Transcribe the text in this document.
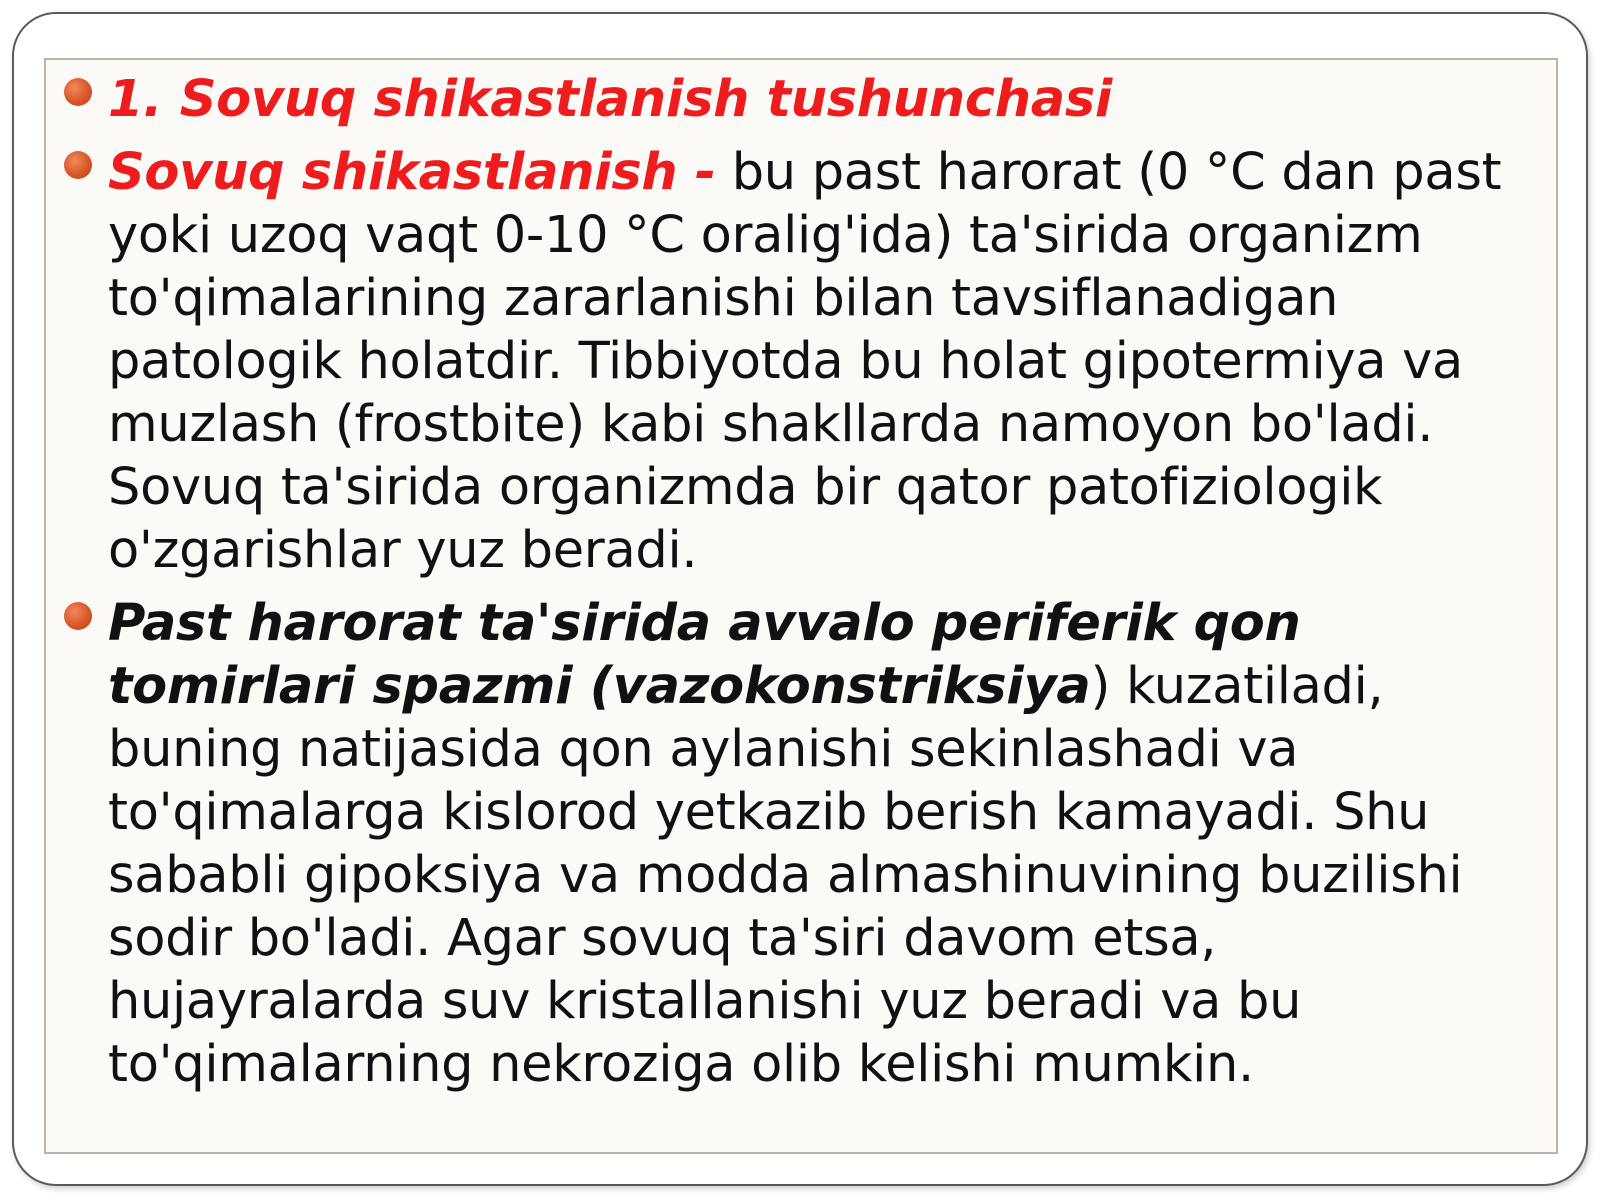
1. Sovuq shikastlanish tushunchasi
Sovuq shikastlanish - bu past harorat (0 °C dan past yoki uzoq vaqt 0-10 °C oralig'ida) ta'sirida organizm to'qimalarining zararlanishi bilan tavsiflanadigan patologik holatdir. Tibbiyotda bu holat gipotermiya va muzlash (frostbite) kabi shakllarda namoyon bo'ladi. Sovuq ta'sirida organizmda bir qator patofiziologik o'zgarishlar yuz beradi.
Past harorat ta'sirida avvalo periferik qon tomirlari spazmi (vazokonstriksiya) kuzatiladi, buning natijasida qon aylanishi sekinlashadi va to'qimalarga kislorod yetkazib berish kamayadi. Shu sababli gipoksiya va modda almashinuvining buzilishi sodir bo'ladi. Agar sovuq ta'siri davom etsa, hujayralarda suv kristallanishi yuz beradi va bu to'qimalarning nekroziga olib kelishi mumkin.
